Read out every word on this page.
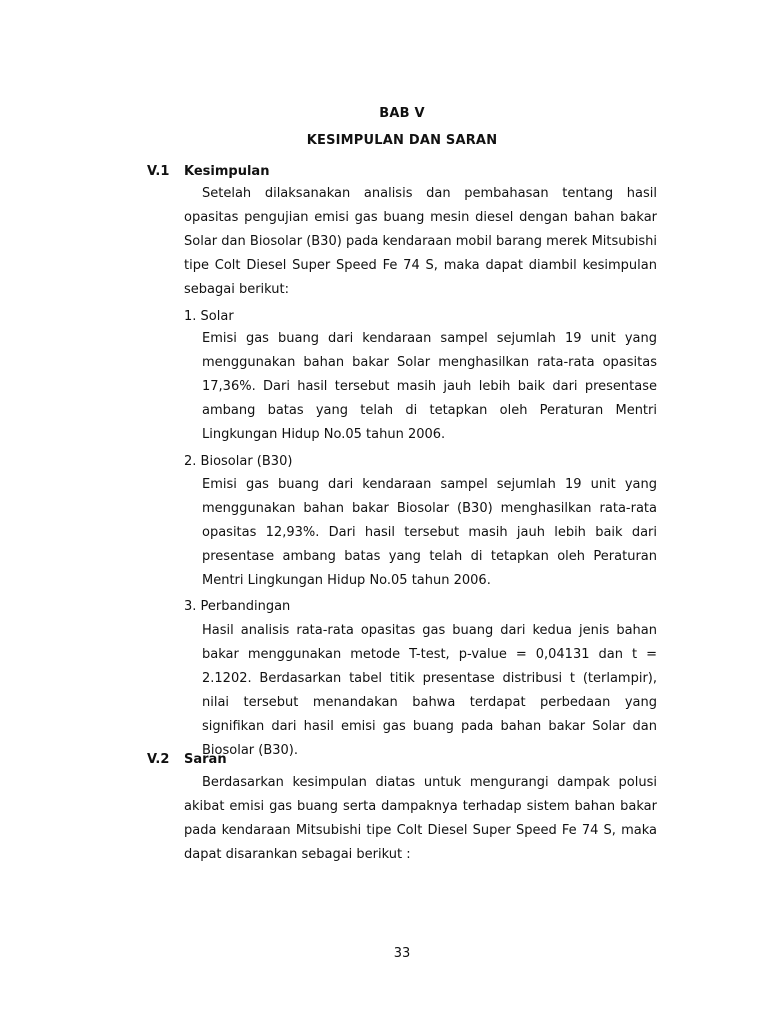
BAB V
KESIMPULAN DAN SARAN
V.1 Kesimpulan
Setelah dilaksanakan analisis dan pembahasan tentang hasil opasitas pengujian emisi gas buang mesin diesel dengan bahan bakar Solar dan Biosolar (B30) pada kendaraan mobil barang merek Mitsubishi tipe Colt Diesel Super Speed Fe 74 S, maka dapat diambil kesimpulan sebagai berikut:
1. Solar
Emisi gas buang dari kendaraan sampel sejumlah 19 unit yang menggunakan bahan bakar Solar menghasilkan rata-rata opasitas 17,36%. Dari hasil tersebut masih jauh lebih baik dari presentase ambang batas yang telah di tetapkan oleh Peraturan Mentri Lingkungan Hidup No.05 tahun 2006.
2. Biosolar (B30)
Emisi gas buang dari kendaraan sampel sejumlah 19 unit yang menggunakan bahan bakar Biosolar (B30) menghasilkan rata-rata opasitas 12,93%. Dari hasil tersebut masih jauh lebih baik dari presentase ambang batas yang telah di tetapkan oleh Peraturan Mentri Lingkungan Hidup No.05 tahun 2006.
3. Perbandingan
Hasil analisis rata-rata opasitas gas buang dari kedua jenis bahan bakar menggunakan metode T-test, p-value = 0,04131 dan t = 2.1202. Berdasarkan tabel titik presentase distribusi t (terlampir), nilai tersebut menandakan bahwa terdapat perbedaan yang signifikan dari hasil emisi gas buang pada bahan bakar Solar dan Biosolar (B30).
V.2 Saran
Berdasarkan kesimpulan diatas untuk mengurangi dampak polusi akibat emisi gas buang serta dampaknya terhadap sistem bahan bakar pada kendaraan Mitsubishi tipe Colt Diesel Super Speed Fe 74 S, maka dapat disarankan sebagai berikut :
33
